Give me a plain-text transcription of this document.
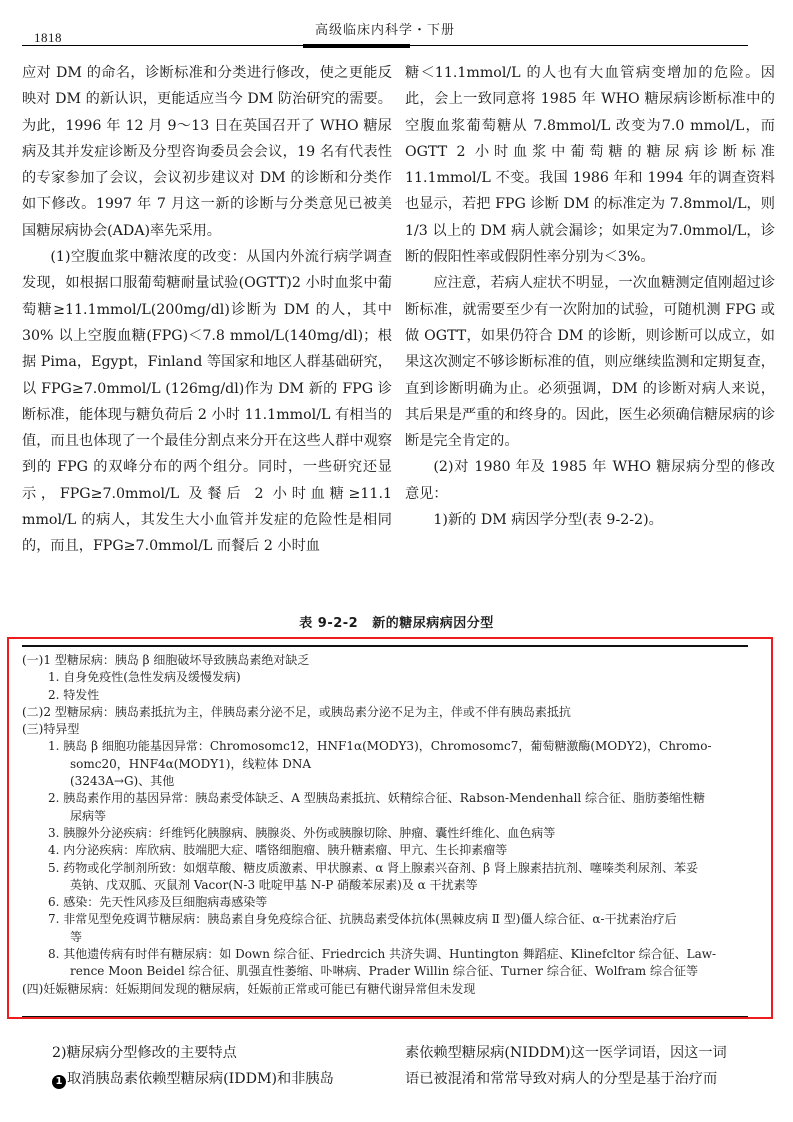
1818	高级临床内科学・下册

应对 DM 的命名，诊断标准和分类进行修改，使之更能反映对 DM 的新认识，更能适应当今 DM 防治研究的需要。为此，1996 年 12 月 9～13 日在英国召开了 WHO 糖尿病及其并发症诊断及分型咨询委员会会议，19 名有代表性的专家参加了会议，会议初步建议对 DM 的诊断和分类作如下修改。1997 年 7 月这一新的诊断与分类意见已被美国糖尿病协会(ADA)率先采用。

(1)空腹血浆中糖浓度的改变：从国内外流行病学调查发现，如根据口服葡萄糖耐量试验(OGTT)2 小时血浆中葡萄糖≥11.1mmol/L(200mg/dl)诊断为 DM 的人，其中 30% 以上空腹血糖(FPG)＜7.8 mmol/L(140mg/dl)；根据 Pima，Egypt，Finland 等国家和地区人群基础研究，以 FPG≥7.0mmol/L (126mg/dl)作为 DM 新的 FPG 诊断标准，能体现与糖负荷后 2 小时 11.1mmol/L 有相当的值，而且也体现了一个最佳分割点来分开在这些人群中观察到的 FPG 的双峰分布的两个组分。同时，一些研究还显示，FPG≥7.0mmol/L 及餐后 2 小时血糖≥11.1 mmol/L 的病人，其发生大小血管并发症的危险性是相同的，而且，FPG≥7.0mmol/L 而餐后 2 小时血

糖＜11.1mmol/L 的人也有大血管病变增加的危险。因此，会上一致同意将 1985 年 WHO 糖尿病诊断标准中的空腹血浆葡萄糖从 7.8mmol/L 改变为7.0 mmol/L，而 OGTT 2 小时血浆中葡萄糖的糖尿病诊断标准 11.1mmol/L 不变。我国 1986 年和 1994 年的调查资料也显示，若把 FPG 诊断 DM 的标准定为 7.8mmol/L，则 1/3 以上的 DM 病人就会漏诊；如果定为7.0mmol/L，诊断的假阳性率或假阴性率分别为＜3%。

应注意，若病人症状不明显，一次血糖测定值刚超过诊断标准，就需要至少有一次附加的试验，可随机测 FPG 或做 OGTT，如果仍符合 DM 的诊断，则诊断可以成立，如果这次测定不够诊断标准的值，则应继续监测和定期复查，直到诊断明确为止。必须强调，DM 的诊断对病人来说，其后果是严重的和终身的。因此，医生必须确信糖尿病的诊断是完全肯定的。

(2)对 1980 年及 1985 年 WHO 糖尿病分型的修改意见：

1)新的 DM 病因学分型(表 9-2-2)。

表 9-2-2 新的糖尿病病因分型
(一)1 型糖尿病：胰岛 β 细胞破坏导致胰岛素绝对缺乏
1. 自身免疫性(急性发病及缓慢发病)
2. 特发性
(二)2 型糖尿病：胰岛素抵抗为主，伴胰岛素分泌不足，或胰岛素分泌不足为主，伴或不伴有胰岛素抵抗
(三)特异型
1. 胰岛 β 细胞功能基因异常：Chromosomc12，HNF1α(MODY3)，Chromosomc7，葡萄糖激酶(MODY2)，Chromo-
somc20，HNF4α(MODY1)，线粒体 DNA
(3243A→G)、其他
2. 胰岛素作用的基因异常：胰岛素受体缺乏、A 型胰岛素抵抗、妖精综合征、Rabson-Mendenhall 综合征、脂肪萎缩性糖
尿病等
3. 胰腺外分泌疾病：纤维钙化胰腺病、胰腺炎、外伤或胰腺切除、肿瘤、囊性纤维化、血色病等
4. 内分泌疾病：库欣病、肢端肥大症、嗜铬细胞瘤、胰升糖素瘤、甲亢、生长抑素瘤等
5. 药物或化学制剂所致：如烟草酸、糖皮质激素、甲状腺素、α 肾上腺素兴奋剂、β 肾上腺素拮抗剂、噻嗪类利尿剂、苯妥
英钠、戊双胍、灭鼠剂 Vacor(N-3 吡啶甲基 N-P 硝酸苯尿素)及 α 干扰素等
6. 感染：先天性风疹及巨细胞病毒感染等
7. 非常见型免疫调节糖尿病：胰岛素自身免疫综合征、抗胰岛素受体抗体(黑棘皮病 Ⅱ 型)僵人综合征、α-干扰素治疗后
等
8. 其他遗传病有时伴有糖尿病：如 Down 综合征、Friedrcich 共济失调、Huntington 舞蹈症、Klinefcltor 综合征、Law-
rence Moon Beidel 综合征、肌强直性萎缩、卟啉病、Prader Willin 综合征、Turner 综合征、Wolfram 综合征等
(四)妊娠糖尿病：妊娠期间发现的糖尿病，妊娠前正常或可能已有糖代谢异常但未发现

2)糖尿病分型修改的主要特点

1 取消胰岛素依赖型糖尿病(IDDM)和非胰岛

素依赖型糖尿病(NIDDM)这一医学词语，因这一词

语已被混淆和常常导致对病人的分型是基于治疗而
